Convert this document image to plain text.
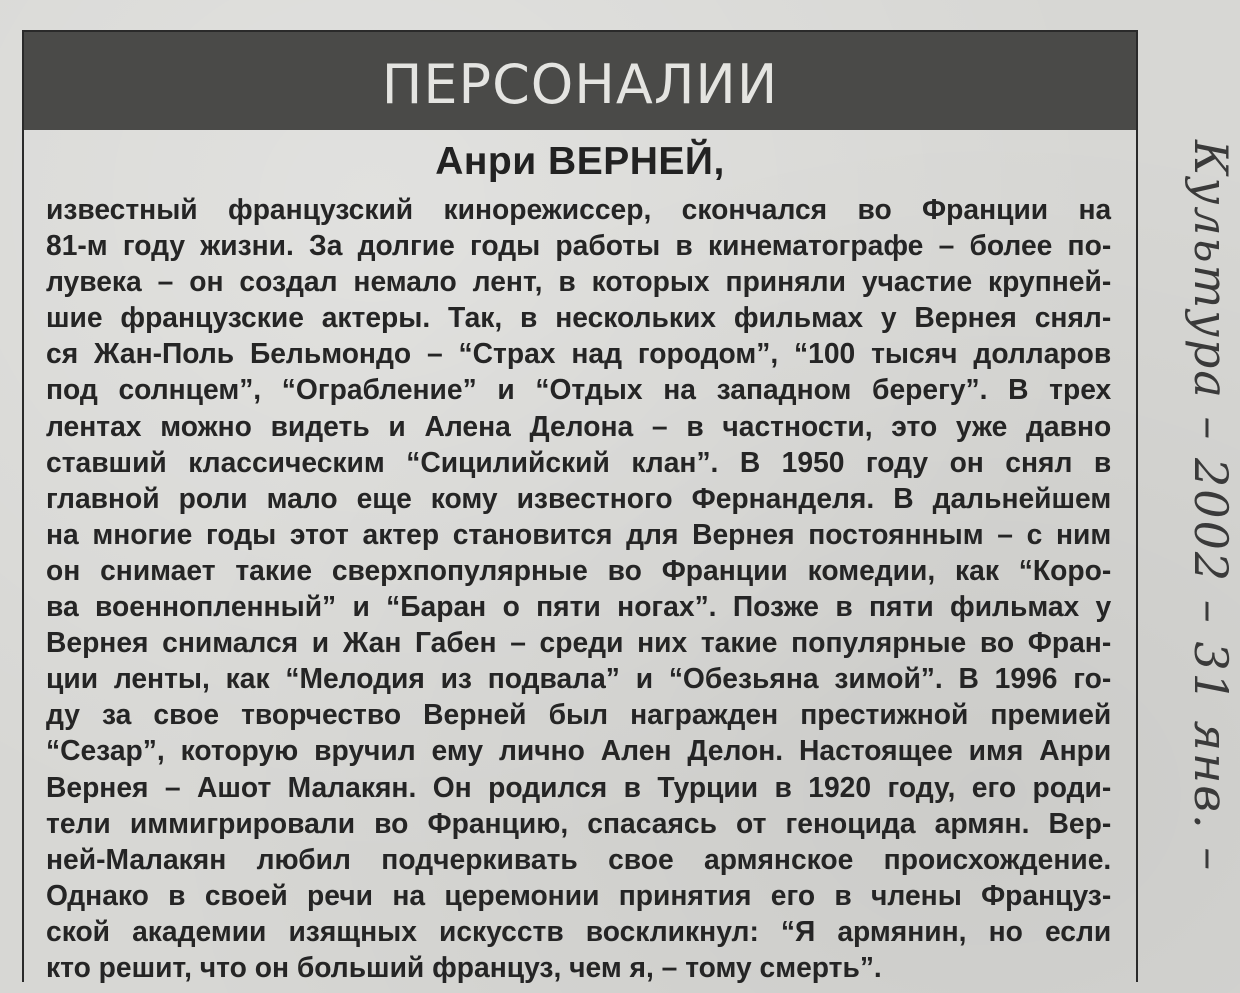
ПЕРСОНАЛИИ
Анри ВЕРНЕЙ,
известный французский кинорежиссер, скончался во Франции на
81-м году жизни. За долгие годы работы в кинематографе – более по-
лувека – он создал немало лент, в которых приняли участие крупней-
шие французские актеры. Так, в нескольких фильмах у Вернея снял-
ся Жан-Поль Бельмондо – “Страх над городом”, “100 тысяч долларов
под солнцем”, “Ограбление” и “Отдых на западном берегу”. В трех
лентах можно видеть и Алена Делона – в частности, это уже давно
ставший классическим “Сицилийский клан”. В 1950 году он снял в
главной роли мало еще кому известного Фернанделя. В дальнейшем
на многие годы этот актер становится для Вернея постоянным – с ним
он снимает такие сверхпопулярные во Франции комедии, как “Коро-
ва военнопленный” и “Баран о пяти ногах”. Позже в пяти фильмах у
Вернея снимался и Жан Габен – среди них такие популярные во Фран-
ции ленты, как “Мелодия из подвала” и “Обезьяна зимой”. В 1996 го-
ду за свое творчество Верней был награжден престижной премией
“Сезар”, которую вручил ему лично Ален Делон. Настоящее имя Анри
Вернея – Ашот Малакян. Он родился в Турции в 1920 году, его роди-
тели иммигрировали во Францию, спасаясь от геноцида армян. Вер-
ней-Малакян любил подчеркивать свое армянское происхождение.
Однако в своей речи на церемонии принятия его в члены Француз-
ской академии изящных искусств воскликнул: “Я армянин, но если
кто решит, что он больший француз, чем я, – тому смерть”.
Культура – 2002 – 31 янв. –
